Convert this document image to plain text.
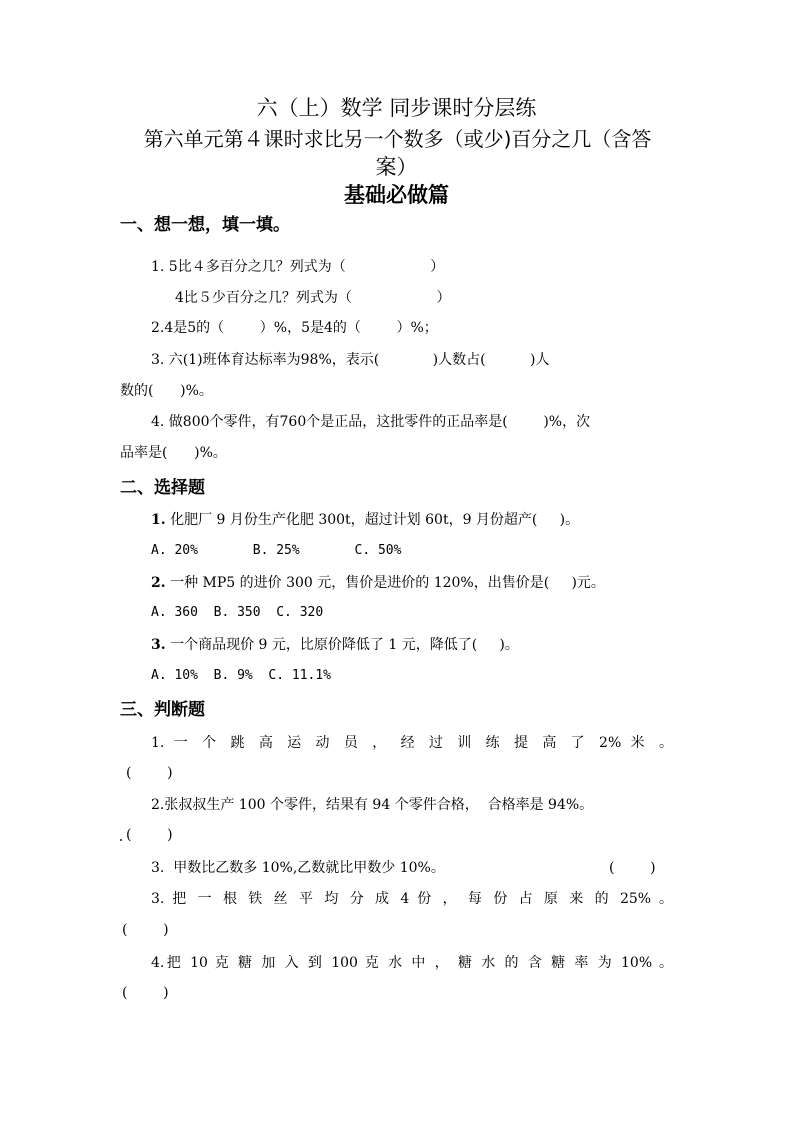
六（上）数学 同步课时分层练
第六单元第４课时求比另一个数多（或少)百分之几（含答
案）
基础必做篇
一、想一想，填一填。
1. 5比４多百分之几？列式为（                   ）
4比５少百分之几？列式为（                   ）
2.4是5的（        ）%，5是4的（        ）%；
3. 六(1)班体育达标率为98%，表示(            )人数占(          )人
数的(      )%。
4. 做800个零件，有760个是正品，这批零件的正品率是(        )%，次
品率是(      )%。
二、选择题
1. 化肥厂 9 月份生产化肥 300t，超过计划 60t，9 月份超产(     )。
A. 20%       B. 25%       C. 50%
2. 一种 MP5 的进价 300 元，售价是进价的 120%，出售价是(     )元。
A. 360  B. 350  C. 320
3. 一个商品现价 9 元，比原价降低了 1 元，降低了(     )。
A. 10%  B. 9%  C. 11.1%
三、判断题
1. 一 个 跳 高 运 动 员 ， 经 过 训 练 提 高 了 2% 米 。
(        )
2.张叔叔生产 100 个零件，结果有 94 个零件合格，  合格率是 94%。
(        )
3.  甲数比乙数多 10%,乙数就比甲数少 10%。	(        )
3. 把 一 根 铁 丝 平 均 分 成 4 份 ， 每 份 占 原 来 的 25% 。
(        )
4.把 10 克 糖 加 入 到 100 克 水 中 ， 糖 水 的 含 糖 率 为 10% 。
(        )
